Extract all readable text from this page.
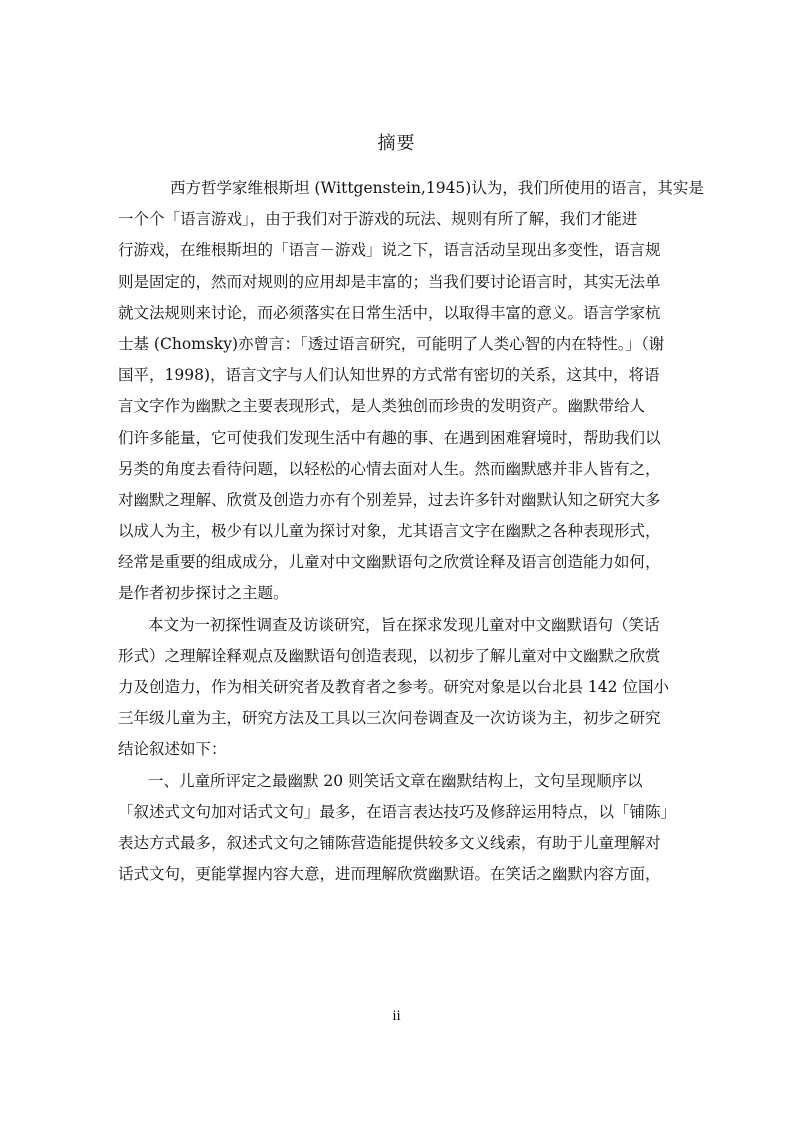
摘要
西方哲学家维根斯坦 (Wittgenstein,1945)认为，我们所使用的语言，其实是
一个个「语言游戏」，由于我们对于游戏的玩法、规则有所了解，我们才能进
行游戏，在维根斯坦的「语言－游戏」说之下，语言活动呈现出多变性，语言规
则是固定的，然而对规则的应用却是丰富的；当我们要讨论语言时，其实无法单
就文法规则来讨论，而必须落实在日常生活中，以取得丰富的意义。语言学家杭
士基 (Chomsky)亦曾言：「透过语言研究，可能明了人类心智的内在特性。」（谢
国平，1998)，语言文字与人们认知世界的方式常有密切的关系，这其中，将语
言文字作为幽默之主要表现形式，是人类独创而珍贵的发明资产。幽默带给人
们许多能量，它可使我们发现生活中有趣的事、在遇到困难窘境时，帮助我们以
另类的角度去看待问题，以轻松的心情去面对人生。然而幽默感并非人皆有之，
对幽默之理解、欣赏及创造力亦有个别差异，过去许多针对幽默认知之研究大多
以成人为主，极少有以儿童为探讨对象，尤其语言文字在幽默之各种表现形式，
经常是重要的组成成分，儿童对中文幽默语句之欣赏诠释及语言创造能力如何，
是作者初步探讨之主题。
本文为一初探性调查及访谈研究，旨在探求发现儿童对中文幽默语句（笑话
形式）之理解诠释观点及幽默语句创造表现，以初步了解儿童对中文幽默之欣赏
力及创造力，作为相关研究者及教育者之参考。研究对象是以台北县 142 位国小
三年级儿童为主，研究方法及工具以三次问卷调查及一次访谈为主，初步之研究
结论叙述如下：
一、儿童所评定之最幽默 20 则笑话文章在幽默结构上，文句呈现顺序以
「叙述式文句加对话式文句」最多，在语言表达技巧及修辞运用特点，以「铺陈」
表达方式最多，叙述式文句之铺陈营造能提供较多文义线索，有助于儿童理解对
话式文句，更能掌握内容大意，进而理解欣赏幽默语。在笑话之幽默内容方面，
ii
